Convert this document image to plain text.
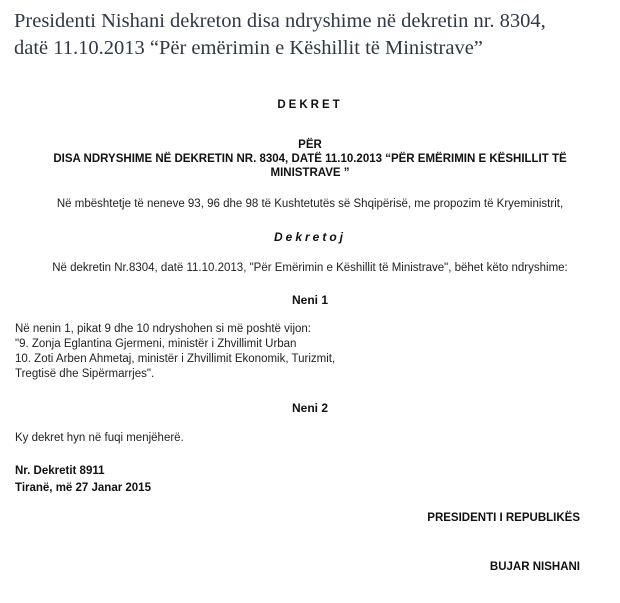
Presidenti Nishani dekreton disa ndryshime në dekretin nr. 8304,
datë 11.10.2013 “Për emërimin e Këshillit të Ministrave”
DEKRET
PËR
DISA NDRYSHIME NË DEKRETIN NR. 8304, DATË 11.10.2013 “PËR EMËRIMIN E KËSHILLIT TË
MINISTRAVE ”
Në mbështetje të neneve 93, 96 dhe 98 të Kushtetutës së Shqipërisë, me propozim të Kryeministrit,
Dekretoj
Në dekretin Nr.8304, datë 11.10.2013, "Për Emërimin e Këshillit të Ministrave", bëhet këto ndryshime:
Neni 1
Në nenin 1, pikat 9 dhe 10 ndryshohen si më poshtë vijon:
"9. Zonja Eglantina Gjermeni, ministër i Zhvillimit Urban
10. Zoti Arben Ahmetaj, ministër i Zhvillimit Ekonomik, Turizmit,
Tregtisë dhe Sipërmarrjes".
Neni 2
Ky dekret hyn në fuqi menjëherë.
Nr. Dekretit 8911
Tiranë, më 27 Janar 2015
PRESIDENTI I REPUBLIKËS
BUJAR NISHANI
